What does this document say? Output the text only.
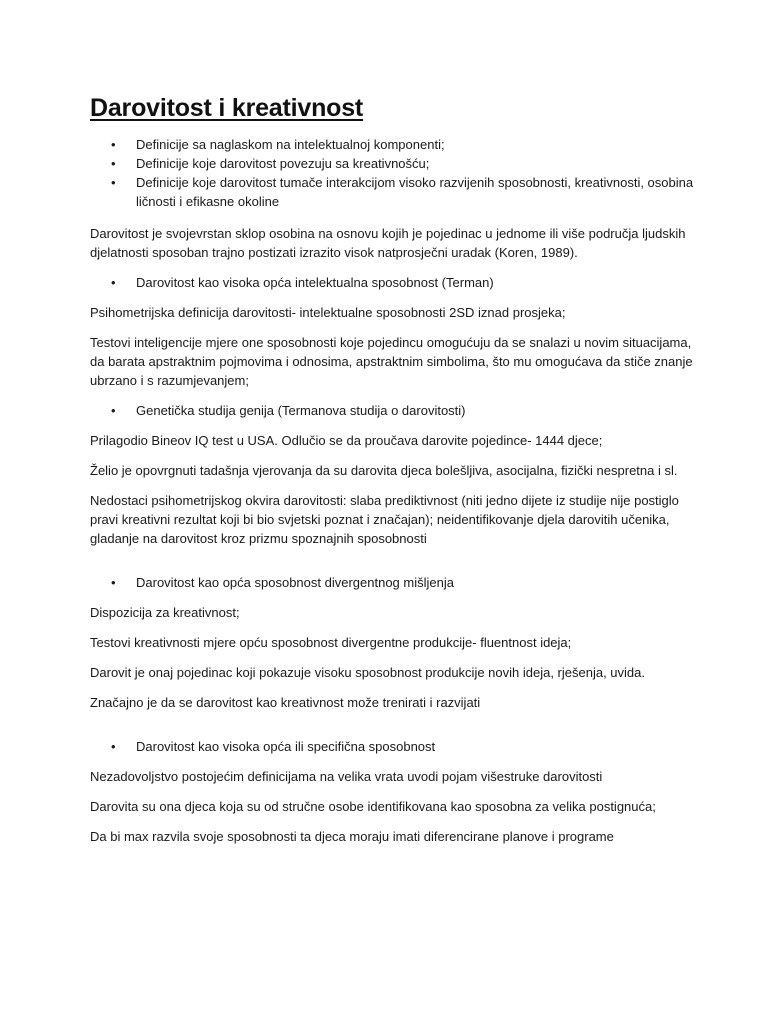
Darovitost i kreativnost
• Definicije sa naglaskom na intelektualnoj komponenti;
• Definicije koje darovitost povezuju sa kreativnošću;
• Definicije koje darovitost tumače interakcijom visoko razvijenih sposobnosti, kreativnosti, osobina ličnosti i efikasne okoline

Darovitost je svojevrstan sklop osobina na osnovu kojih je pojedinac u jednome ili više područja ljudskih djelatnosti sposoban trajno postizati izrazito visok natprosječni uradak (Koren, 1989).

• Darovitost kao visoka opća intelektualna sposobnost (Terman)

Psihometrijska definicija darovitosti- intelektualne sposobnosti 2SD iznad prosjeka;

Testovi inteligencije mjere one sposobnosti koje pojedincu omogućuju da se snalazi u novim situacijama, da barata apstraktnim pojmovima i odnosima, apstraktnim simbolima, što mu omogućava da stiče znanje ubrzano i s razumjevanjem;

• Genetička studija genija (Termanova studija o darovitosti)

Prilagodio Bineov IQ test u USA. Odlučio se da proučava darovite pojedince- 1444 djece;

Želio je opovrgnuti tadašnja vjerovanja da su darovita djeca bolešljiva, asocijalna, fizički nespretna i sl.

Nedostaci psihometrijskog okvira darovitosti: slaba prediktivnost (niti jedno dijete iz studije nije postiglo pravi kreativni rezultat koji bi bio svjetski poznat i značajan); neidentifikovanje djela darovitih učenika, gladanje na darovitost kroz prizmu spoznajnih sposobnosti

• Darovitost kao opća sposobnost divergentnog mišljenja

Dispozicija za kreativnost;

Testovi kreativnosti mjere opću sposobnost divergentne produkcije- fluentnost ideja;

Darovit je onaj pojedinac koji pokazuje visoku sposobnost produkcije novih ideja, rješenja, uvida.

Značajno je da se darovitost kao kreativnost može trenirati i razvijati

• Darovitost kao visoka opća ili specifična sposobnost

Nezadovoljstvo postojećim definicijama na velika vrata uvodi pojam višestruke darovitosti

Darovita su ona djeca koja su od stručne osobe identifikovana kao sposobna za velika postignuća;

Da bi max razvila svoje sposobnosti ta djeca moraju imati diferencirane planove i programe
